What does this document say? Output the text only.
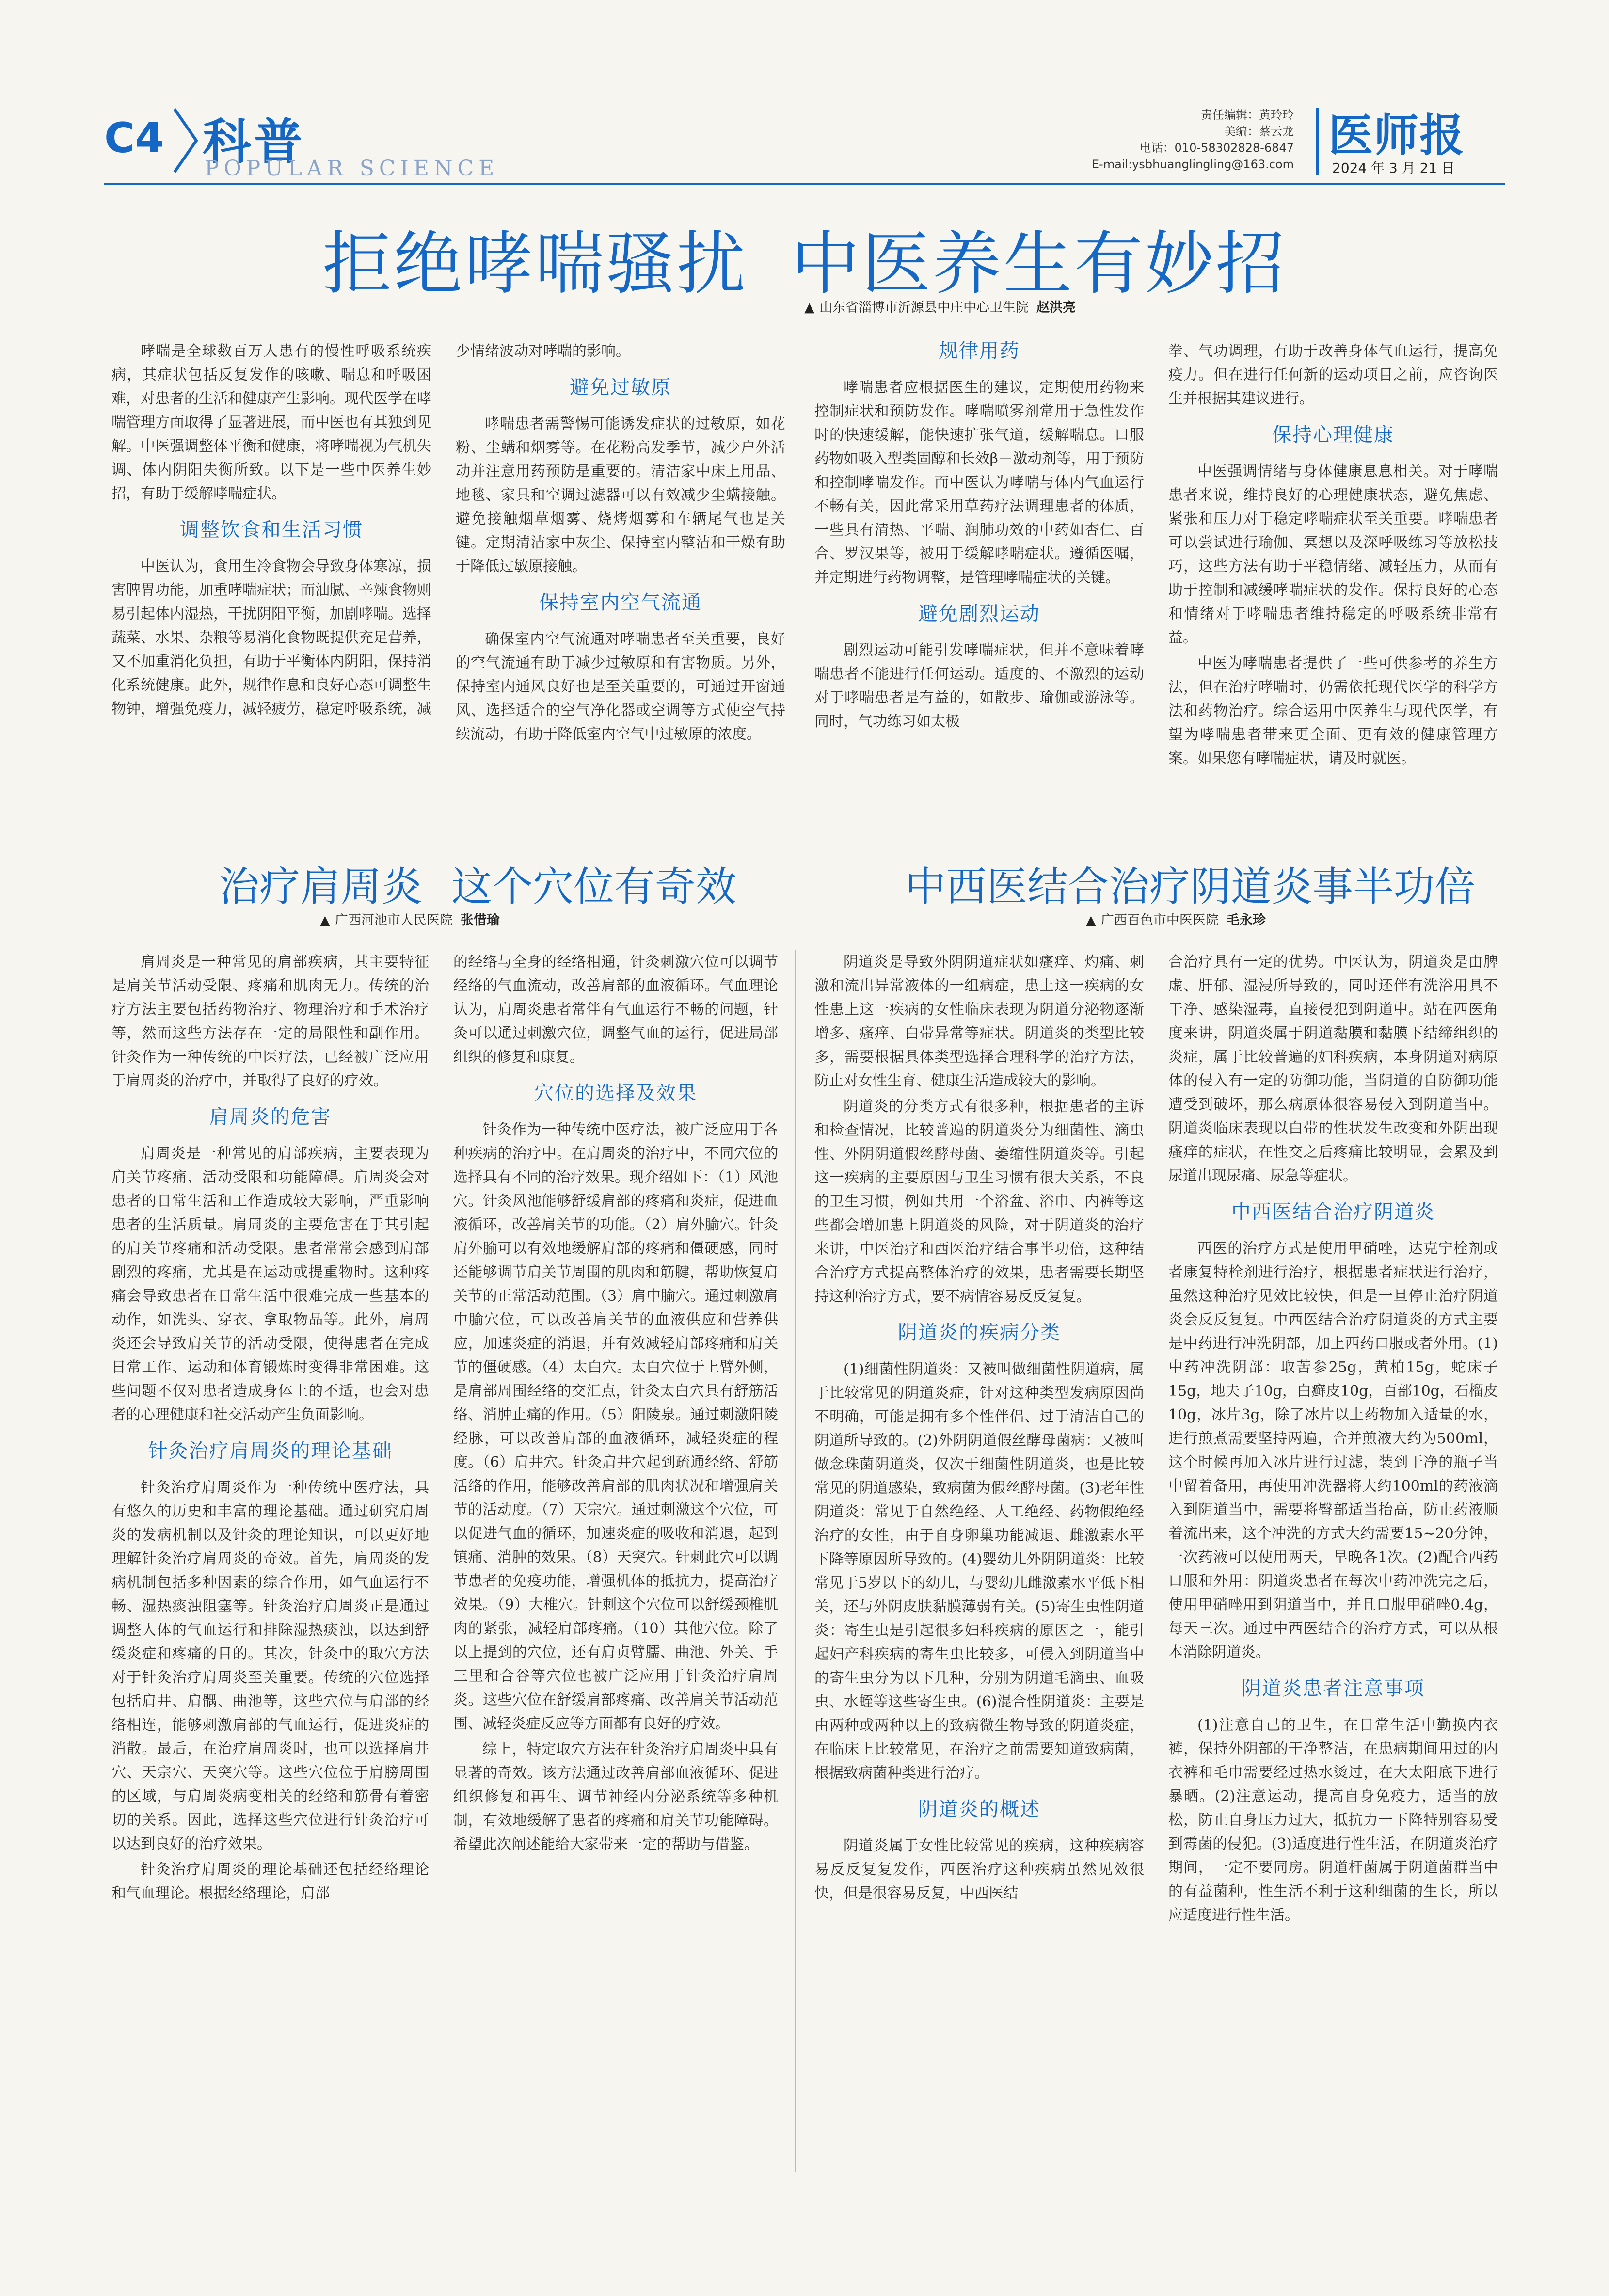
C4 科普
POPULAR SCIENCE
责任编辑：黄玲玲
美编：蔡云龙
电话：010-58302828-6847
E-mail:ysbhuanglingling@163.com
医师报
2024 年 3 月 21 日
拒绝哮喘骚扰 中医养生有妙招
▲ 山东省淄博市沂源县中庄中心卫生院 赵洪亮

哮喘是全球数百万人患有的慢性呼吸系统疾病，其症状包括反复发作的咳嗽、喘息和呼吸困难，对患者的生活和健康产生影响。现代医学在哮喘管理方面取得了显著进展，而中医也有其独到见解。中医强调整体平衡和健康，将哮喘视为气机失调、体内阴阳失衡所致。以下是一些中医养生妙招，有助于缓解哮喘症状。

调整饮食和生活习惯

中医认为，食用生冷食物会导致身体寒凉，损害脾胃功能，加重哮喘症状；而油腻、辛辣食物则易引起体内湿热，干扰阴阳平衡，加剧哮喘。选择蔬菜、水果、杂粮等易消化食物既提供充足营养，又不加重消化负担，有助于平衡体内阴阳，保持消化系统健康。此外，规律作息和良好心态可调整生物钟，增强免疫力，减轻疲劳，稳定呼吸系统，减

少情绪波动对哮喘的影响。

避免过敏原

哮喘患者需警惕可能诱发症状的过敏原，如花粉、尘螨和烟雾等。在花粉高发季节，减少户外活动并注意用药预防是重要的。清洁家中床上用品、地毯、家具和空调过滤器可以有效减少尘螨接触。避免接触烟草烟雾、烧烤烟雾和车辆尾气也是关键。定期清洁家中灰尘、保持室内整洁和干燥有助于降低过敏原接触。

保持室内空气流通

确保室内空气流通对哮喘患者至关重要，良好的空气流通有助于减少过敏原和有害物质。另外，保持室内通风良好也是至关重要的，可通过开窗通风、选择适合的空气净化器或空调等方式使空气持续流动，有助于降低室内空气中过敏原的浓度。

规律用药

哮喘患者应根据医生的建议，定期使用药物来控制症状和预防发作。哮喘喷雾剂常用于急性发作时的快速缓解，能快速扩张气道，缓解喘息。口服药物如吸入型类固醇和长效β－激动剂等，用于预防和控制哮喘发作。而中医认为哮喘与体内气血运行不畅有关，因此常采用草药疗法调理患者的体质，一些具有清热、平喘、润肺功效的中药如杏仁、百合、罗汉果等，被用于缓解哮喘症状。遵循医嘱，并定期进行药物调整，是管理哮喘症状的关键。

避免剧烈运动

剧烈运动可能引发哮喘症状，但并不意味着哮喘患者不能进行任何运动。适度的、不激烈的运动对于哮喘患者是有益的，如散步、瑜伽或游泳等。同时，气功练习如太极

拳、气功调理，有助于改善身体气血运行，提高免疫力。但在进行任何新的运动项目之前，应咨询医生并根据其建议进行。

保持心理健康

中医强调情绪与身体健康息息相关。对于哮喘患者来说，维持良好的心理健康状态，避免焦虑、紧张和压力对于稳定哮喘症状至关重要。哮喘患者可以尝试进行瑜伽、冥想以及深呼吸练习等放松技巧，这些方法有助于平稳情绪、减轻压力，从而有助于控制和减缓哮喘症状的发作。保持良好的心态和情绪对于哮喘患者维持稳定的呼吸系统非常有益。

中医为哮喘患者提供了一些可供参考的养生方法，但在治疗哮喘时，仍需依托现代医学的科学方法和药物治疗。综合运用中医养生与现代医学，有望为哮喘患者带来更全面、更有效的健康管理方案。如果您有哮喘症状，请及时就医。

治疗肩周炎 这个穴位有奇效
▲ 广西河池市人民医院 张惜瑜

肩周炎是一种常见的肩部疾病，其主要特征是肩关节活动受限、疼痛和肌肉无力。传统的治疗方法主要包括药物治疗、物理治疗和手术治疗等，然而这些方法存在一定的局限性和副作用。针灸作为一种传统的中医疗法，已经被广泛应用于肩周炎的治疗中，并取得了良好的疗效。

肩周炎的危害

肩周炎是一种常见的肩部疾病，主要表现为肩关节疼痛、活动受限和功能障碍。肩周炎会对患者的日常生活和工作造成较大影响，严重影响患者的生活质量。肩周炎的主要危害在于其引起的肩关节疼痛和活动受限。患者常常会感到肩部剧烈的疼痛，尤其是在运动或提重物时。这种疼痛会导致患者在日常生活中很难完成一些基本的动作，如洗头、穿衣、拿取物品等。此外，肩周炎还会导致肩关节的活动受限，使得患者在完成日常工作、运动和体育锻炼时变得非常困难。这些问题不仅对患者造成身体上的不适，也会对患者的心理健康和社交活动产生负面影响。

针灸治疗肩周炎的理论基础

针灸治疗肩周炎作为一种传统中医疗法，具有悠久的历史和丰富的理论基础。通过研究肩周炎的发病机制以及针灸的理论知识，可以更好地理解针灸治疗肩周炎的奇效。首先，肩周炎的发病机制包括多种因素的综合作用，如气血运行不畅、湿热痰浊阻塞等。针灸治疗肩周炎正是通过调整人体的气血运行和排除湿热痰浊，以达到舒缓炎症和疼痛的目的。其次，针灸中的取穴方法对于针灸治疗肩周炎至关重要。传统的穴位选择包括肩井、肩髃、曲池等，这些穴位与肩部的经络相连，能够刺激肩部的气血运行，促进炎症的消散。最后，在治疗肩周炎时，也可以选择肩井穴、天宗穴、天突穴等。这些穴位位于肩膀周围的区域，与肩周炎病变相关的经络和筋骨有着密切的关系。因此，选择这些穴位进行针灸治疗可以达到良好的治疗效果。

针灸治疗肩周炎的理论基础还包括经络理论和气血理论。根据经络理论，肩部

的经络与全身的经络相通，针灸刺激穴位可以调节经络的气血流动，改善肩部的血液循环。气血理论认为，肩周炎患者常伴有气血运行不畅的问题，针灸可以通过刺激穴位，调整气血的运行，促进局部组织的修复和康复。

穴位的选择及效果

针灸作为一种传统中医疗法，被广泛应用于各种疾病的治疗中。在肩周炎的治疗中，不同穴位的选择具有不同的治疗效果。现介绍如下：（1）风池穴。针灸风池能够舒缓肩部的疼痛和炎症，促进血液循环，改善肩关节的功能。（2）肩外腧穴。针灸肩外腧可以有效地缓解肩部的疼痛和僵硬感，同时还能够调节肩关节周围的肌肉和筋腱，帮助恢复肩关节的正常活动范围。（3）肩中腧穴。通过刺激肩中腧穴位，可以改善肩关节的血液供应和营养供应，加速炎症的消退，并有效减轻肩部疼痛和肩关节的僵硬感。（4）太白穴。太白穴位于上臂外侧，是肩部周围经络的交汇点，针灸太白穴具有舒筋活络、消肿止痛的作用。（5）阳陵泉。通过刺激阳陵经脉，可以改善肩部的血液循环，减轻炎症的程度。（6）肩井穴。针灸肩井穴起到疏通经络、舒筋活络的作用，能够改善肩部的肌肉状况和增强肩关节的活动度。（7）天宗穴。通过刺激这个穴位，可以促进气血的循环，加速炎症的吸收和消退，起到镇痛、消肿的效果。（8）天突穴。针刺此穴可以调节患者的免疫功能，增强机体的抵抗力，提高治疗效果。（9）大椎穴。针刺这个穴位可以舒缓颈椎肌肉的紧张，减轻肩部疼痛。（10）其他穴位。除了以上提到的穴位，还有肩贞臂臑、曲池、外关、手三里和合谷等穴位也被广泛应用于针灸治疗肩周炎。这些穴位在舒缓肩部疼痛、改善肩关节活动范围、减轻炎症反应等方面都有良好的疗效。

综上，特定取穴方法在针灸治疗肩周炎中具有显著的奇效。该方法通过改善肩部血液循环、促进组织修复和再生、调节神经内分泌系统等多种机制，有效地缓解了患者的疼痛和肩关节功能障碍。希望此次阐述能给大家带来一定的帮助与借鉴。

中西医结合治疗阴道炎事半功倍
▲ 广西百色市中医医院 毛永珍

阴道炎是导致外阴阴道症状如瘙痒、灼痛、刺激和流出异常液体的一组病症，患上这一疾病的女性患上这一疾病的女性临床表现为阴道分泌物逐渐增多、瘙痒、白带异常等症状。阴道炎的类型比较多，需要根据具体类型选择合理科学的治疗方法，防止对女性生育、健康生活造成较大的影响。

阴道炎的分类方式有很多种，根据患者的主诉和检查情况，比较普遍的阴道炎分为细菌性、滴虫性、外阴阴道假丝酵母菌、萎缩性阴道炎等。引起这一疾病的主要原因与卫生习惯有很大关系，不良的卫生习惯，例如共用一个浴盆、浴巾、内裤等这些都会增加患上阴道炎的风险，对于阴道炎的治疗来讲，中医治疗和西医治疗结合事半功倍，这种结合治疗方式提高整体治疗的效果，患者需要长期坚持这种治疗方式，要不病情容易反反复复。

阴道炎的疾病分类

(1)细菌性阴道炎：又被叫做细菌性阴道病，属于比较常见的阴道炎症，针对这种类型发病原因尚不明确，可能是拥有多个性伴侣、过于清洁自己的阴道所导致的。(2)外阴阴道假丝酵母菌病：又被叫做念珠菌阴道炎，仅次于细菌性阴道炎，也是比较常见的阴道感染，致病菌为假丝酵母菌。(3)老年性阴道炎：常见于自然绝经、人工绝经、药物假绝经治疗的女性，由于自身卵巢功能减退、雌激素水平下降等原因所导致的。(4)婴幼儿外阴阴道炎：比较常见于5岁以下的幼儿，与婴幼儿雌激素水平低下相关，还与外阴皮肤黏膜薄弱有关。(5)寄生虫性阴道炎：寄生虫是引起很多妇科疾病的原因之一，能引起妇产科疾病的寄生虫比较多，可侵入到阴道当中的寄生虫分为以下几种，分别为阴道毛滴虫、血吸虫、水蛭等这些寄生虫。(6)混合性阴道炎：主要是由两种或两种以上的致病微生物导致的阴道炎症，在临床上比较常见，在治疗之前需要知道致病菌，根据致病菌种类进行治疗。

阴道炎的概述

阴道炎属于女性比较常见的疾病，这种疾病容易反反复复发作，西医治疗这种疾病虽然见效很快，但是很容易反复，中西医结

合治疗具有一定的优势。中医认为，阴道炎是由脾虚、肝郁、湿浸所导致的，同时还伴有洗浴用具不干净、感染湿毒，直接侵犯到阴道中。站在西医角度来讲，阴道炎属于阴道黏膜和黏膜下结缔组织的炎症，属于比较普遍的妇科疾病，本身阴道对病原体的侵入有一定的防御功能，当阴道的自防御功能遭受到破坏，那么病原体很容易侵入到阴道当中。阴道炎临床表现以白带的性状发生改变和外阴出现瘙痒的症状，在性交之后疼痛比较明显，会累及到尿道出现尿痛、尿急等症状。

中西医结合治疗阴道炎

西医的治疗方式是使用甲硝唑，达克宁栓剂或者康复特栓剂进行治疗，根据患者症状进行治疗，虽然这种治疗见效比较快，但是一旦停止治疗阴道炎会反反复复。中西医结合治疗阴道炎的方式主要是中药进行冲洗阴部，加上西药口服或者外用。(1)中药冲洗阴部：取苦参25g，黄柏15g，蛇床子15g，地夫子10g，白癣皮10g，百部10g，石榴皮10g，冰片3g，除了冰片以上药物加入适量的水，进行煎煮需要坚持两遍，合并煎液大约为500ml，这个时候再加入冰片进行过滤，装到干净的瓶子当中留着备用，再使用冲洗器将大约100ml的药液滴入到阴道当中，需要将臀部适当抬高，防止药液顺着流出来，这个冲洗的方式大约需要15~20分钟，一次药液可以使用两天，早晚各1次。(2)配合西药口服和外用：阴道炎患者在每次中药冲洗完之后，使用甲硝唑用到阴道当中，并且口服甲硝唑0.4g，每天三次。通过中西医结合的治疗方式，可以从根本消除阴道炎。

阴道炎患者注意事项

(1)注意自己的卫生，在日常生活中勤换内衣裤，保持外阴部的干净整洁，在患病期间用过的内衣裤和毛巾需要经过热水烫过，在大太阳底下进行暴晒。(2)注意运动，提高自身免疫力，适当的放松，防止自身压力过大，抵抗力一下降特别容易受到霉菌的侵犯。(3)适度进行性生活，在阴道炎治疗期间，一定不要同房。阴道杆菌属于阴道菌群当中的有益菌种，性生活不利于这种细菌的生长，所以应适度进行性生活。
